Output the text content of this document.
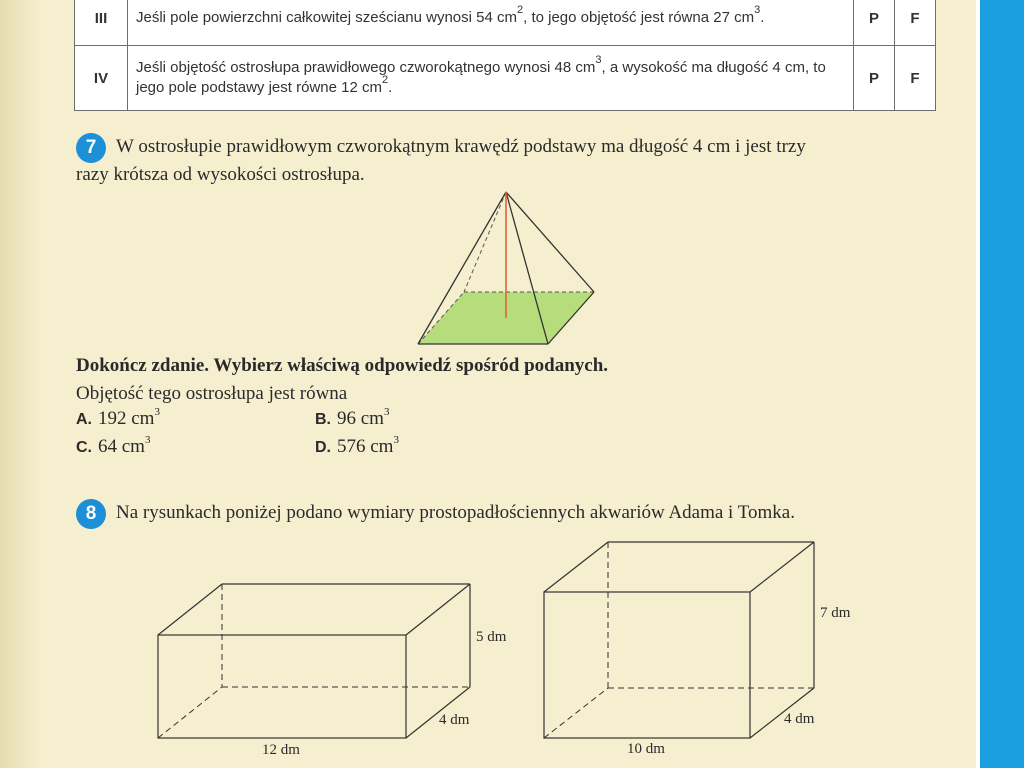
III	Jeśli pole powierzchni całkowitej sześcianu wynosi 54 $cm^2$, to jego objętość jest równa 27 $cm^3$.	P	F
IV	Jeśli objętość ostrosłupa prawidłowego czworokątnego wynosi 48 $cm^3$, a wysokość ma długość 4 cm, to jego pole podstawy jest równe 12 $cm^2$.	P	F
7	W ostrosłupie prawidłowym czworokątnym krawędź podstawy ma długość 4 cm i jest trzy
razy krótsza od wysokości ostrosłupa.
Dokończ zdanie. Wybierz właściwą odpowiedź spośród podanych.
Objętość tego ostrosłupa jest równa
A. 192 $cm^3$	B. 96 $cm^3$
C. 64 $cm^3$	D. 576 $cm^3$
8	Na rysunkach poniżej podano wymiary prostopadłościennych akwariów Adama i Tomka.
5 dm
4 dm
12 dm
7 dm
4 dm
10 dm
